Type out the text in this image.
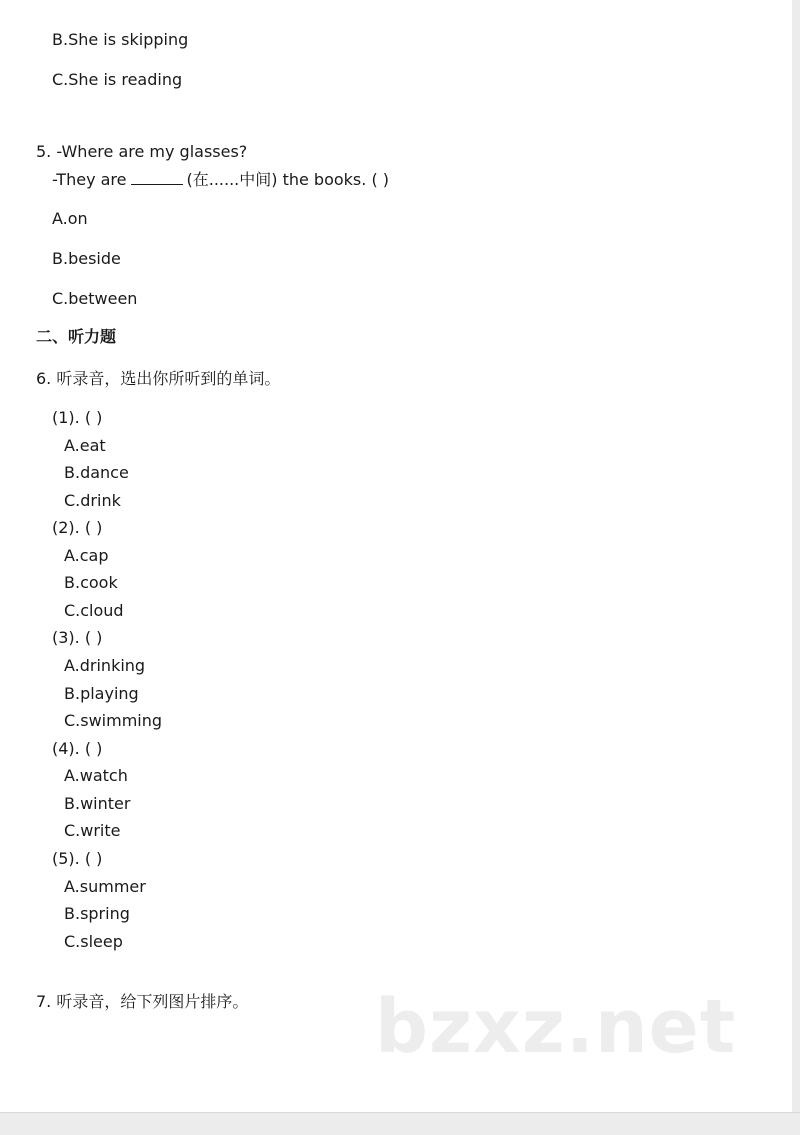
B.She is skipping
C.She is reading
5. -Where are my glasses?
-They are	(在......中间) the books. ( )
A.on
B.beside
C.between
二、听力题
6. 听录音，选出你所听到的单词。
(1). ( )
A.eat
B.dance
C.drink
(2). ( )
A.cap
B.cook
C.cloud
(3). ( )
A.drinking
B.playing
C.swimming
(4). ( )
A.watch
B.winter
C.write
(5). ( )
A.summer
B.spring
C.sleep
7. 听录音，给下列图片排序。 bzxz.net
